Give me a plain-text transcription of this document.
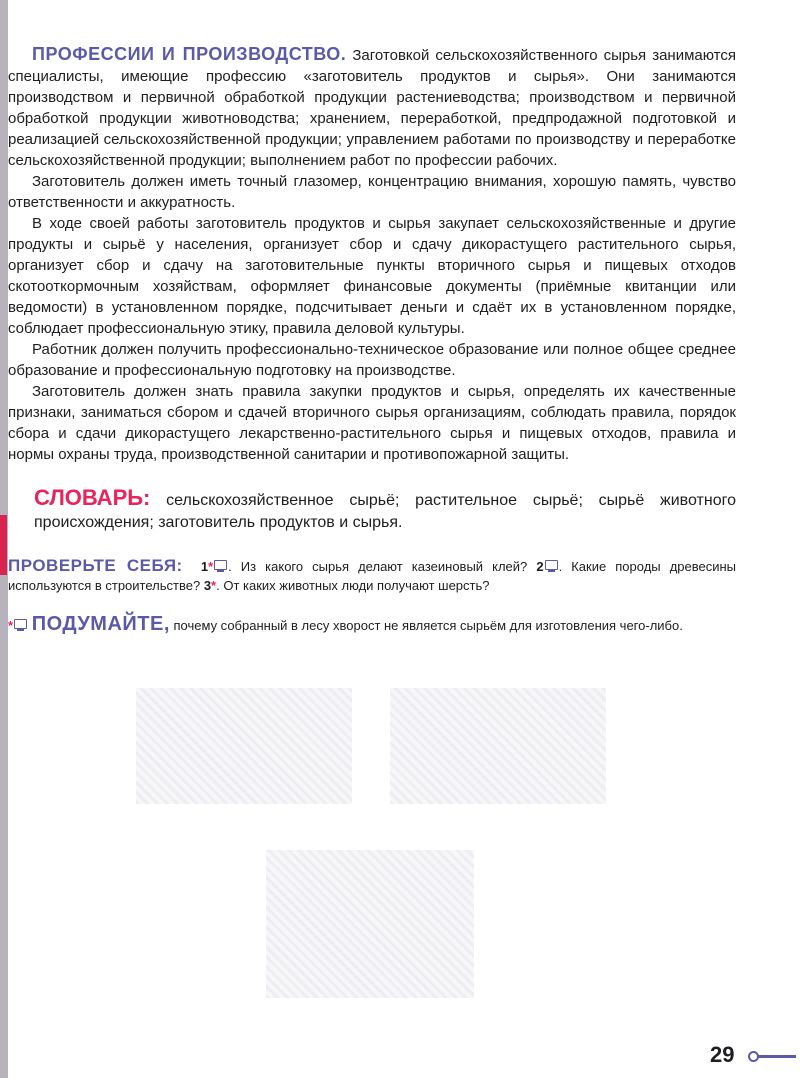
ПРОФЕССИИ И ПРОИЗВОДСТВО. Заготовкой сельскохозяйственного сырья занимаются специалисты, имеющие профессию «заготовитель продуктов и сырья». Они занимаются производством и первичной обработкой продукции растениеводства; производством и первичной обработкой продукции животноводства; хранением, переработкой, предпродажной подготовкой и реализацией сельскохозяйственной продукции; управлением работами по производству и переработке сельскохозяйственной продукции; выполнением работ по профессии рабочих.

Заготовитель должен иметь точный глазомер, концентрацию внимания, хорошую память, чувство ответственности и аккуратность.

В ходе своей работы заготовитель продуктов и сырья закупает сельскохозяйственные и другие продукты и сырьё у населения, организует сбор и сдачу дикорастущего растительного сырья, организует сбор и сдачу на заготовительные пункты вторичного сырья и пищевых отходов скотооткормочным хозяйствам, оформляет финансовые документы (приёмные квитанции или ведомости) в установленном порядке, подсчитывает деньги и сдаёт их в установленном порядке, соблюдает профессиональную этику, правила деловой культуры.

Работник должен получить профессионально-техническое образование или полное общее среднее образование и профессиональную подготовку на производстве.

Заготовитель должен знать правила закупки продуктов и сырья, определять их качественные признаки, заниматься сбором и сдачей вторичного сырья организациям, соблюдать правила, порядок сбора и сдачи дикорастущего лекарственно-растительного сырья и пищевых отходов, правила и нормы охраны труда, производственной санитарии и противопожарной защиты.

СЛОВАРЬ: сельскохозяйственное сырьё; растительное сырьё; сырьё животного происхождения; заготовитель продуктов и сырья.

ПРОВЕРЬТЕ СЕБЯ: 1* . Из какого сырья делают казеиновый клей? 2 . Какие породы древесины используются в строительстве? 3*. От каких животных люди получают шерсть?

* ПОДУМАЙТЕ, почему собранный в лесу хворост не является сырьём для изготовления чего-либо.

29
